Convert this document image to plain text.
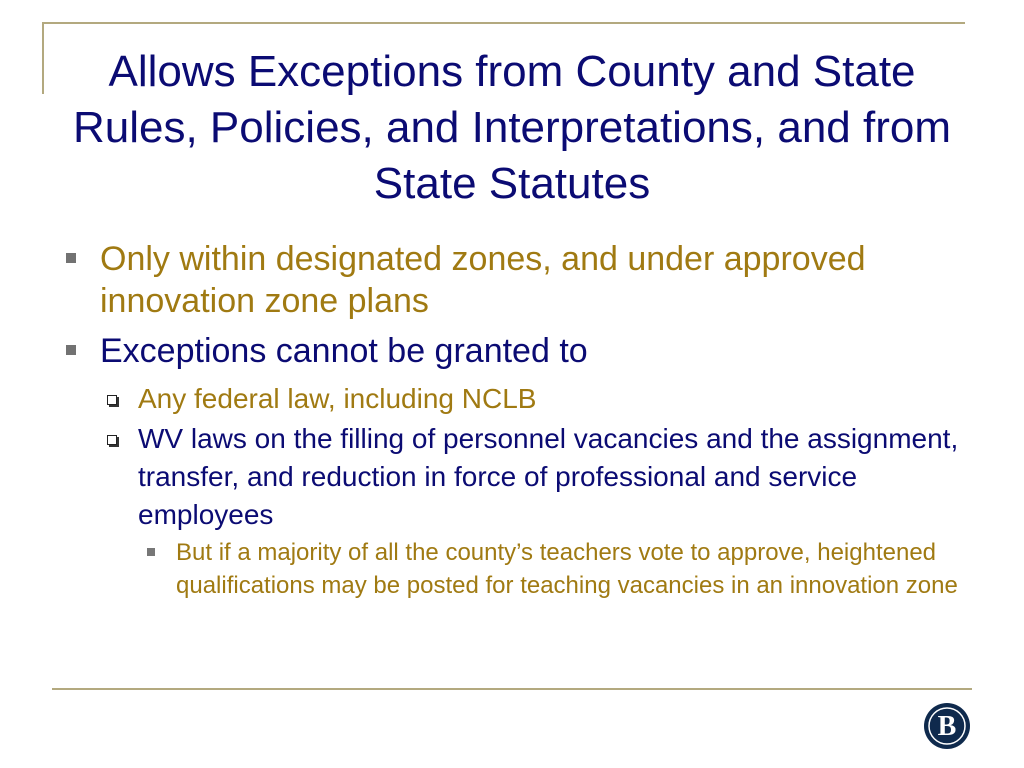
Allows Exceptions from County and State Rules, Policies, and Interpretations, and from State Statutes
Only within designated zones, and under approved innovation zone plans
Exceptions cannot be granted to
Any federal law, including NCLB
WV laws on the filling of personnel vacancies and the assignment, transfer, and reduction in force of professional and service employees
But if a majority of all the county’s teachers vote to approve, heightened qualifications may be posted for teaching vacancies in an innovation zone
B
